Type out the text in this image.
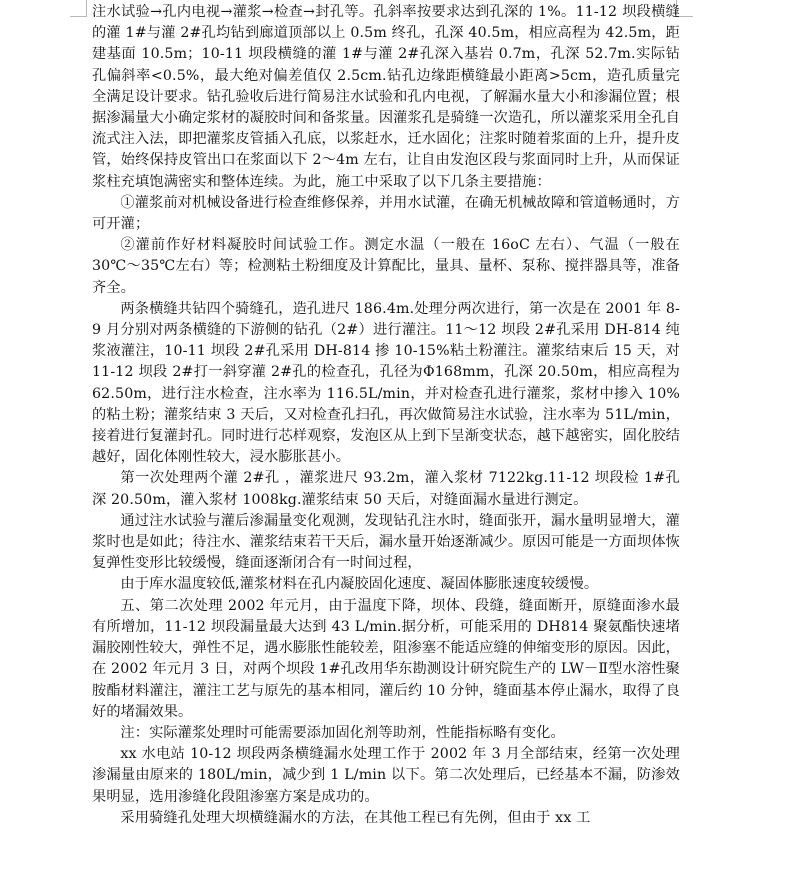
注水试验→孔内电视→灌浆→检查→封孔等。孔斜率按要求达到孔深的 1%。11-12 坝段横缝的灌 1#与灌 2#孔均钻到廊道顶部以上 0.5m 终孔，孔深 40.5m，相应高程为 42.5m，距建基面 10.5m；10-11 坝段横缝的灌 1#与灌 2#孔深入基岩 0.7m，孔深 52.7m.实际钻孔偏斜率<0.5%，最大绝对偏差值仅 2.5cm.钻孔边缘距横缝最小距离>5cm，造孔质量完全满足设计要求。钻孔验收后进行简易注水试验和孔内电视，了解漏水量大小和渗漏位置；根据渗漏量大小确定浆材的凝胶时间和备浆量。因灌浆孔是骑缝一次造孔，所以灌浆采用全孔自流式注入法，即把灌浆皮管插入孔底，以浆赶水，迁水固化；注浆时随着浆面的上升，提升皮管，始终保持皮管出口在浆面以下 2～4m 左右，让自由发泡区段与浆面同时上升，从而保证浆柱充填饱满密实和整体连续。为此，施工中采取了以下几条主要措施：

①灌浆前对机械设备进行检查维修保养，并用水试灌，在确无机械故障和管道畅通时，方可开灌；

②灌前作好材料凝胶时间试验工作。测定水温（一般在 16oC 左右）、气温（一般在 30℃～35℃左右）等；检测粘土粉细度及计算配比，量具、量杯、泵称、搅拌器具等，准备齐全。

两条横缝共钻四个骑缝孔，造孔进尺 186.4m.处理分两次进行，第一次是在 2001 年 8-9 月分别对两条横缝的下游侧的钻孔（2#）进行灌注。11～12 坝段 2#孔采用 DH-814 纯浆液灌注，10-11 坝段 2#孔采用 DH-814 掺 10-15%粘土粉灌注。灌浆结束后 15 天，对 11-12 坝段 2#打一斜穿灌 2#孔的检查孔，孔径为Φ168mm，孔深 20.50m，相应高程为 62.50m，进行注水检查，注水率为 116.5L/min，并对检查孔进行灌浆，浆材中掺入 10%的粘土粉；灌浆结束 3 天后，又对检查孔扫孔，再次做简易注水试验，注水率为 51L/min，接着进行复灌封孔。同时进行芯样观察，发泡区从上到下呈渐变状态，越下越密实，固化胶结越好，固化体刚性较大，浸水膨胀甚小。

第一次处理两个灌 2#孔 ，灌浆进尺 93.2m，灌入浆材 7122kg.11-12 坝段检 1#孔深 20.50m，灌入浆材 1008kg.灌浆结束 50 天后，对缝面漏水量进行测定。

通过注水试验与灌后渗漏量变化观测，发现钻孔注水时，缝面张开，漏水量明显增大，灌浆时也是如此；待注水、灌浆结束若干天后，漏水量开始逐渐减少。原因可能是一方面坝体恢复弹性变形比较缓慢，缝面逐渐闭合有一时间过程，

由于库水温度较低,灌浆材料在孔内凝胶固化速度、凝固体膨胀速度较缓慢。

五、第二次处理 2002 年元月，由于温度下降，坝体、段缝，缝面断开，原缝面渗水最有所增加，11-12 坝段漏量最大达到 43 L/min.据分析，可能采用的 DH814 聚氨酯快速堵漏胶刚性较大，弹性不足，遇水膨胀性能较差，阻渗塞不能适应缝的伸缩变形的原因。因此，在 2002 年元月 3 日，对两个坝段 1#孔改用华东勘测设计研究院生产的 LW－Ⅱ型水溶性聚胺酯材料灌注，灌注工艺与原先的基本相同，灌后约 10 分钟，缝面基本停止漏水，取得了良好的堵漏效果。

注：实际灌浆处理时可能需要添加固化剂等助剂，性能指标略有变化。

xx 水电站 10-12 坝段两条横缝漏水处理工作于 2002 年 3 月全部结束，经第一次处理渗漏量由原来的 180L/min，减少到 1 L/min 以下。第二次处理后，已经基本不漏，防渗效果明显，选用渗缝化段阻渗塞方案是成功的。

采用骑缝孔处理大坝横缝漏水的方法，在其他工程已有先例，但由于 xx 工
